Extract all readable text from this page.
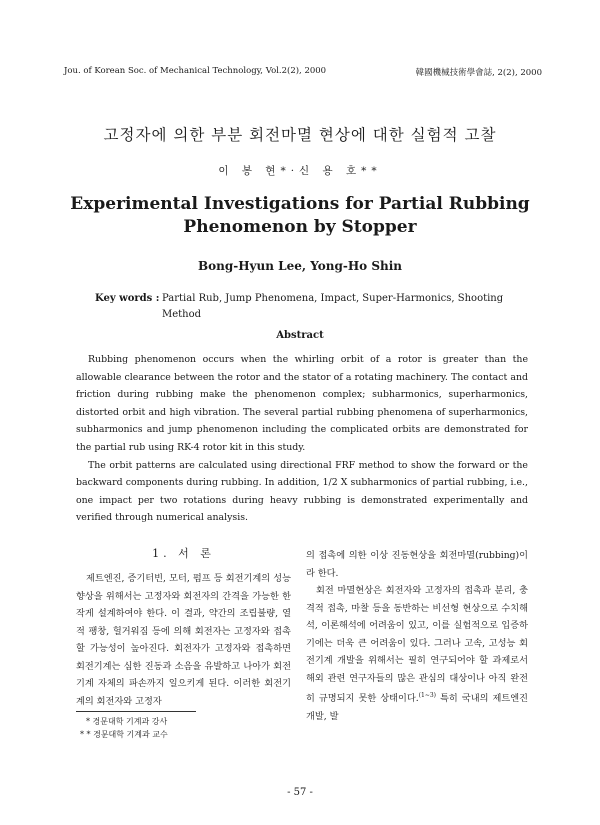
Jou. of Korean Soc. of Mechanical Technology, Vol.2(2), 2000	韓國機械技術學會誌, 2(2), 2000
고정자에 의한 부분 회전마멸 현상에 대한 실험적 고찰
이 봉 현*·신 용 호**
Experimental Investigations for Partial Rubbing
Phenomenon by Stopper
Bong-Hyun Lee, Yong-Ho Shin
Key words : Partial Rub, Jump Phenomena, Impact, Super-Harmonics, Shooting Method
Abstract

Rubbing phenomenon occurs when the whirling orbit of a rotor is greater than the allowable clearance between the rotor and the stator of a rotating machinery. The contact and friction during rubbing make the phenomenon complex; subharmonics, superharmonics, distorted orbit and high vibration. The several partial rubbing phenomena of superharmonics, subharmonics and jump phenomenon including the complicated orbits are demonstrated for the partial rub using RK-4 rotor kit in this study.

The orbit patterns are calculated using directional FRF method to show the forward or the backward components during rubbing. In addition, 1/2 X subharmonics of partial rubbing, i.e., one impact per two rotations during heavy rubbing is demonstrated experimentally and verified through numerical analysis.

1. 서 론

제트엔진, 증기터빈, 모터, 펌프 등 회전기계의 성능향상을 위해서는 고정자와 회전자의 간격을 가능한 한 작게 설계하여야 한다. 이 결과, 약간의 조립불량, 열적 팽창, 헐거워짐 등에 의해 회전자는 고정자와 접촉할 가능성이 높아진다. 회전자가 고정자와 접촉하면 회전기계는 심한 진동과 소음을 유발하고 나아가 회전기계 자체의 파손까지 일으키게 된다. 이러한 회전기계의 회전자와 고정자

의 접촉에 의한 이상 진동현상을 회전마멸(rubbing)이라 한다.

회전 마멸현상은 회전자와 고정자의 접촉과 분리, 충격적 접촉, 마찰 등을 동반하는 비선형 현상으로 수치해석, 이론해석에 어려움이 있고, 이를 실험적으로 입증하기에는 더욱 큰 어려움이 있다. 그러나 고속, 고성능 회전기계 개발을 위해서는 필히 연구되어야 할 과제로서 해외 관련 연구자들의 많은 관심의 대상이나 아직 완전히 규명되지 못한 상태이다.$^{(1\sim 3)}$ 특히 국내의 제트엔진개발, 발

* 경문대학 기계과 강사
* * 경문대학 기계과 교수
- 57 -
